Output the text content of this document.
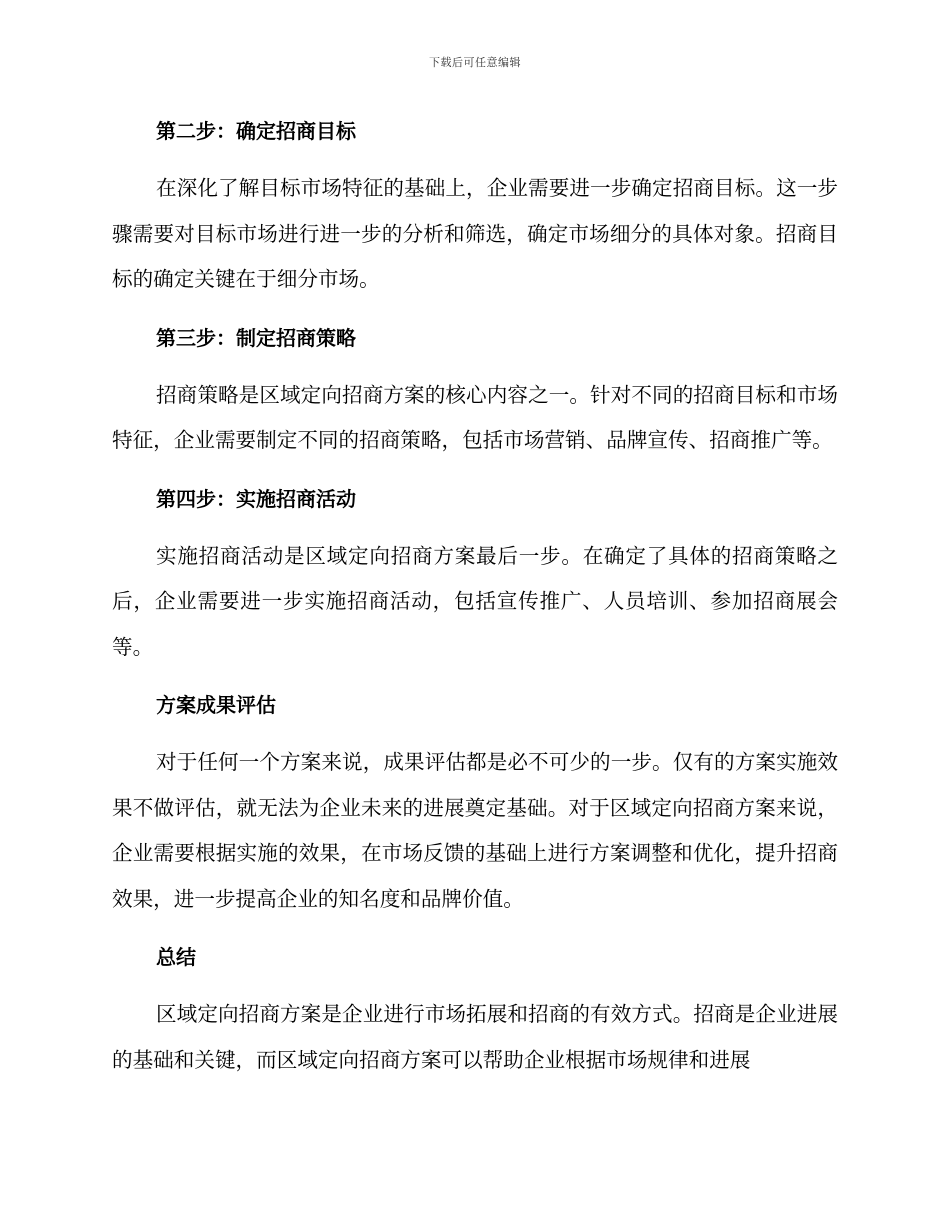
下载后可任意编辑
第二步：确定招商目标

在深化了解目标市场特征的基础上，企业需要进一步确定招商目标。这一步骤需要对目标市场进行进一步的分析和筛选，确定市场细分的具体对象。招商目标的确定关键在于细分市场。

第三步：制定招商策略

招商策略是区域定向招商方案的核心内容之一。针对不同的招商目标和市场特征，企业需要制定不同的招商策略，包括市场营销、品牌宣传、招商推广等。

第四步：实施招商活动

实施招商活动是区域定向招商方案最后一步。在确定了具体的招商策略之后，企业需要进一步实施招商活动，包括宣传推广、人员培训、参加招商展会等。

方案成果评估

对于任何一个方案来说，成果评估都是必不可少的一步。仅有的方案实施效果不做评估，就无法为企业未来的进展奠定基础。对于区域定向招商方案来说，企业需要根据实施的效果，在市场反馈的基础上进行方案调整和优化，提升招商效果，进一步提高企业的知名度和品牌价值。

总结

区域定向招商方案是企业进行市场拓展和招商的有效方式。招商是企业进展的基础和关键，而区域定向招商方案可以帮助企业根据市场规律和进展
